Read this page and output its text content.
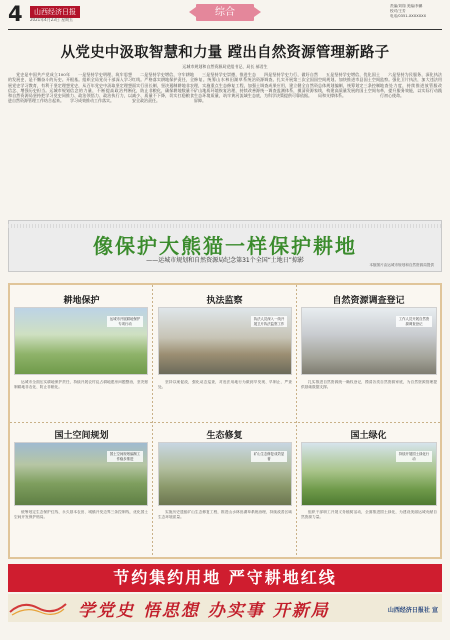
4	山西经济日报
2021年4月23日 星期五
综合
责编/刘翔 美编/李鹏
校对/王芳
电话/0351-XXXXXXX
从党史中汲取智慧和力量 蹚出自然资源管理新路子
运城市规划和自然资源局党组书记、局长 郝君生

党史是中国共产党成立100年的发展史，是不懈奋斗的历史。开展党史学习教育，有利于坚定理想信念、增强历史担当。运城市规划和自然资源局坚持把学习党史同推进自然资源管理工作结合起来。

一是坚持学史明理，筑牢思想根基。组织全局党员干部深入学习党史，从百年党史中汲取坚定理想信念的力量，不断提高政治判断力、政治领悟力、政治执行力，以学习成效推动工作落实。

二是坚持学史增信，守牢耕地红线。严格落实耕地保护责任，全面实行田长制，坚决遏制耕地非农化，防止非粮化，确保耕地数量不减少、质量不下降，切实扛稳粮食安全政治责任。

三是坚持学史崇德，推进生态修复。统筹山水林田湖草系统治理，实施重点生态修复工程，加强矿山地质环境恢复治理，持续改善生态环境质量，筑牢黄河流域生态屏障。

四是坚持学史力行，做好自然资源调查。扎实开展第三次全国国土调查成果应用，建立健全自然资源统一调查监测体系，摸清资源家底，为科学决策提供可靠依据。

五是坚持学史增信，优化国土空间规划。加快推进市县国土空间总体规划编制，统筹划定三条控制线，构建高质量发展的国土空间布局和支撑体系。

六是坚持为民服务，深化执法监察。强化卫片执法，加大违法用地查处力度，持续推进放管服改革，提升服务效能，以实际行动践行初心使命。

像保护大熊猫一样保护耕地
——运城市规划和自然资源局纪念第31个全国“土地日”掠影
本版图片由运城市规划和自然资源局提供
耕地保护
运城市开展耕地保护专项行动
运城市全面压实耕地保护责任，持续开展农村乱占耕地建房问题整治，坚决遏制耕地非农化、防止非粮化。
执法监察
执法人员深入一线开展卫片执法监察工作
坚持以案促改，强化动态巡查，对违法用地行为做到早发现、早制止、严查处。
自然资源调查登记
工作人员开展自然资源调查登记
扎实推进自然资源统一确权登记，摸清各类自然资源家底，为自然资源管理提供基础数据支撑。
国土空间规划
国土空间规划编制工作稳步推进
统筹划定生态保护红线、永久基本农田、城镇开发边界三条控制线，优化国土空间开发保护格局。
生态修复
矿山生态修复成效显著
实施历史遗留矿山生态修复工程，推进山水林田湖草系统治理，持续改善区域生态环境质量。
国土绿化
持续开展国土绿化行动
组织干部职工开展义务植树活动，全面推进国土绿化，为建设美丽运城贡献自然资源力量。
节约集约用地 严守耕地红线
学党史 悟思想 办实事 开新局	山西经济日报社 宣
